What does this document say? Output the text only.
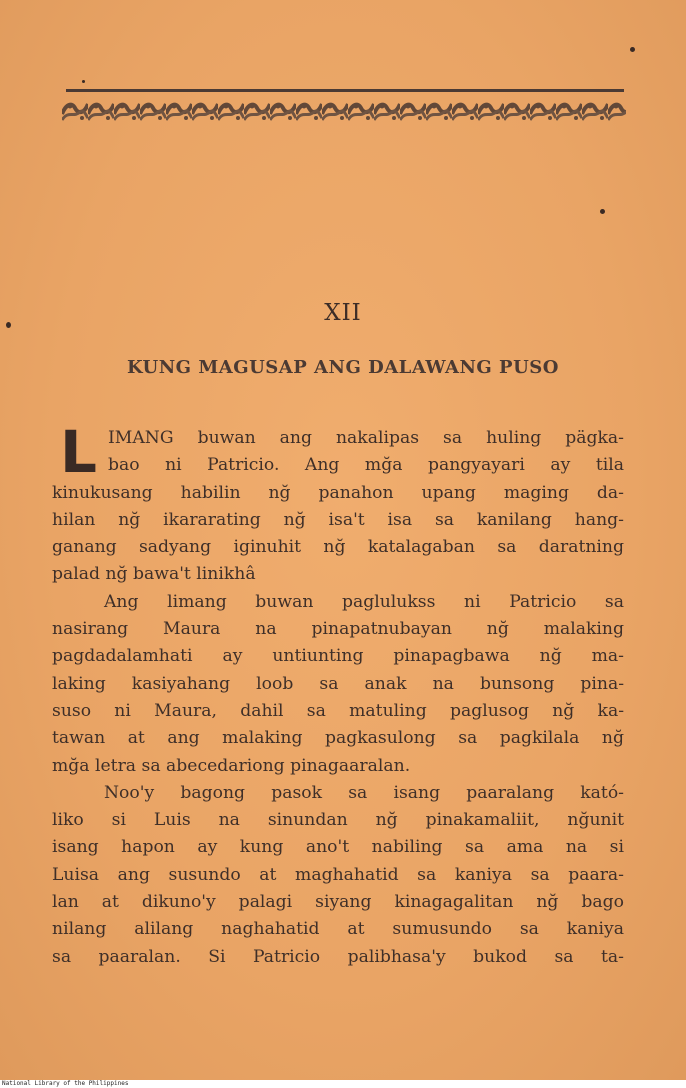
XII
KUNG MAGUSAP ANG DALAWANG PUSO
L IMANG buwan ang nakalipas sa huling pägka-
bao ni Patricio. Ang mğa pangyayari ay tila
kinukusang habilin nğ panahon upang maging da-
hilan nğ ikararating nğ isa't isa sa kanilang hang-
ganang sadyang iginuhit nğ katalagaban sa daratning
palad nğ bawa't linikhâ
Ang limang buwan paglulukss ni Patricio sa
nasirang Maura na pinapatnubayan nğ malaking
pagdadalamhati ay untiunting pinapagbawa nğ ma-
laking kasiyahang loob sa anak na bunsong pina-
suso ni Maura, dahil sa matuling paglusog nğ ka-
tawan at ang malaking pagkasulong sa pagkilala nğ
mğa letra sa abecedariong pinagaaralan.
Noo'y bagong pasok sa isang paaralang kató-
liko si Luis na sinundan nğ pinakamaliit, nğunit
isang hapon ay kung ano't nabiling sa ama na si
Luisa ang susundo at maghahatid sa kaniya sa paara-
lan at dikuno'y palagi siyang kinagagalitan nğ bago
nilang alilang naghahatid at sumusundo sa kaniya
sa paaralan. Si Patricio palibhasa'y bukod sa ta-
National Library of the Philippines
